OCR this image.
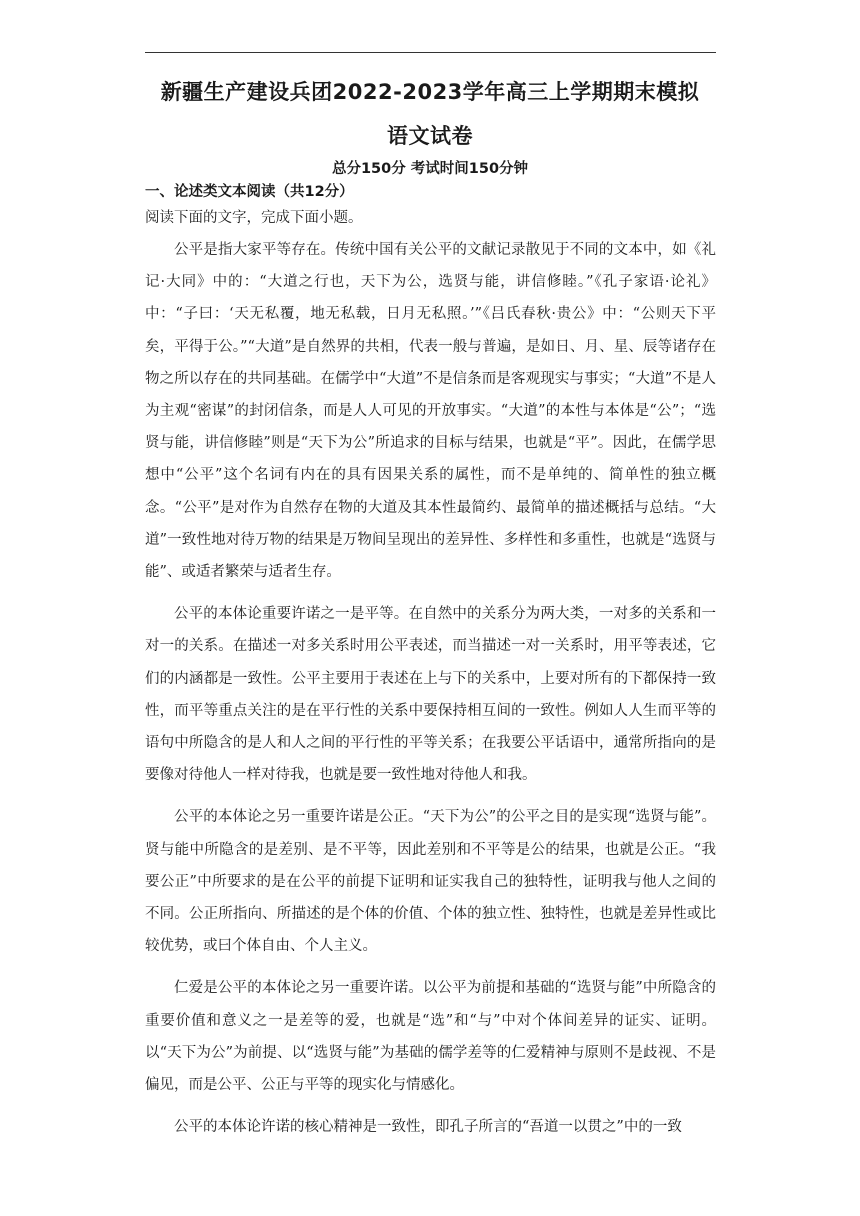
新疆生产建设兵团2022-2023学年高三上学期期末模拟
语文试卷
总分150分 考试时间150分钟
一、论述类文本阅读（共12分）
阅读下面的文字，完成下面小题。

公平是指大家平等存在。传统中国有关公平的文献记录散见于不同的文本中，如《礼记·大同》中的：“大道之行也，天下为公，选贤与能，讲信修睦。”《孔子家语·论礼》中：“子曰：‘天无私覆，地无私载，日月无私照。’”《吕氏春秋·贵公》中：“公则天下平矣，平得于公。”“大道”是自然界的共相，代表一般与普遍，是如日、月、星、辰等诸存在物之所以存在的共同基础。在儒学中“大道”不是信条而是客观现实与事实；“大道”不是人为主观“密谋”的封闭信条，而是人人可见的开放事实。“大道”的本性与本体是“公”；“选贤与能，讲信修睦”则是“天下为公”所追求的目标与结果，也就是“平”。因此，在儒学思想中“公平”这个名词有内在的具有因果关系的属性，而不是单纯的、简单性的独立概念。“公平”是对作为自然存在物的大道及其本性最简约、最简单的描述概括与总结。“大道”一致性地对待万物的结果是万物间呈现出的差异性、多样性和多重性，也就是“选贤与能”、或适者繁荣与适者生存。

公平的本体论重要许诺之一是平等。在自然中的关系分为两大类，一对多的关系和一对一的关系。在描述一对多关系时用公平表述，而当描述一对一关系时，用平等表述，它们的内涵都是一致性。公平主要用于表述在上与下的关系中，上要对所有的下都保持一致性，而平等重点关注的是在平行性的关系中要保持相互间的一致性。例如人人生而平等的语句中所隐含的是人和人之间的平行性的平等关系；在我要公平话语中，通常所指向的是要像对待他人一样对待我，也就是要一致性地对待他人和我。

公平的本体论之另一重要许诺是公正。“天下为公”的公平之目的是实现“选贤与能”。贤与能中所隐含的是差别、是不平等，因此差别和不平等是公的结果，也就是公正。“我要公正”中所要求的是在公平的前提下证明和证实我自己的独特性，证明我与他人之间的不同。公正所指向、所描述的是个体的价值、个体的独立性、独特性，也就是差异性或比较优势，或曰个体自由、个人主义。

仁爱是公平的本体论之另一重要许诺。以公平为前提和基础的“选贤与能”中所隐含的重要价值和意义之一是差等的爱，也就是“选”和“与”中对个体间差异的证实、证明。以“天下为公”为前提、以“选贤与能”为基础的儒学差等的仁爱精神与原则不是歧视、不是偏见，而是公平、公正与平等的现实化与情感化。

公平的本体论许诺的核心精神是一致性，即孔子所言的“吾道一以贯之”中的一致
